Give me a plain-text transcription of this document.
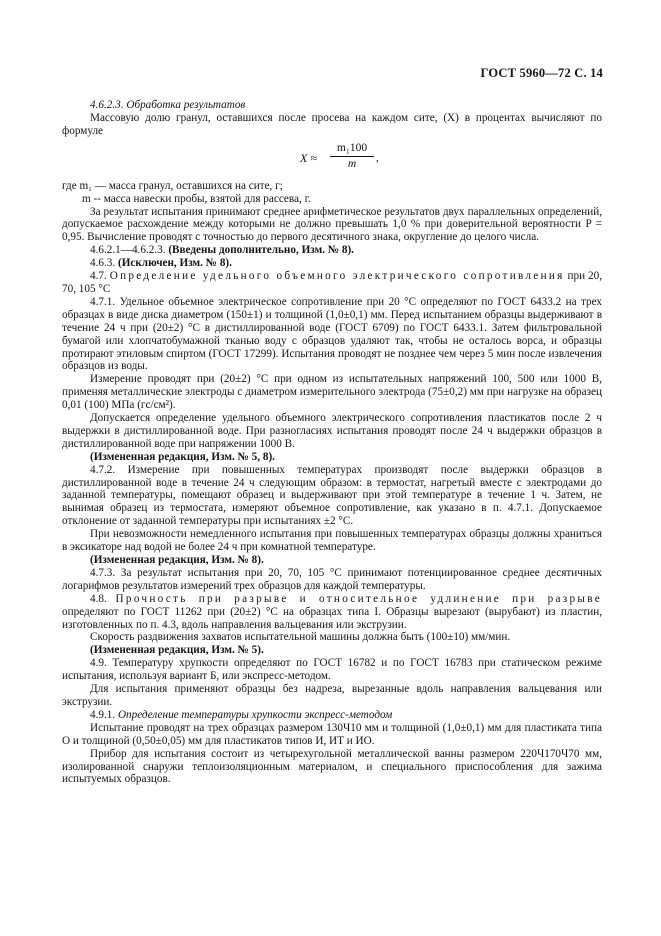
ГОСТ 5960—72 С. 14

4.6.2.3. Обработка результатов

Массовую долю гранул, оставшихся после просева на каждом сите, (X) в процентах вычисляют по формуле

$X \approx \frac{\text{m₁100}}{m}$ ,
где m₁ — масса гранул, оставшихся на сите, г;
m -- масса навески пробы, взятой для рассева, г.

За результат испытания принимают среднее арифметическое результатов двух параллельных определений, допускаемое расхождение между которыми не должно превышать 1,0 % при доверительной вероятности P = 0,95. Вычисление проводят с точностью до первого десятичного знака, округление до целого числа.

4.6.2.1—4.6.2.3. (Введены дополнительно, Изм. № 8).

4.6.3. (Исключен, Изм. № 8).

4.7. Определение удельного объемного электрического сопротивления при 20, 70, 105 °C

4.7.1. Удельное объемное электрическое сопротивление при 20 °C определяют по ГОСТ 6433.2 на трех образцах в виде диска диаметром (150±1) и толщиной (1,0±0,1) мм. Перед испытанием образцы выдерживают в течение 24 ч при (20±2) °C в дистиллированной воде (ГОСТ 6709) по ГОСТ 6433.1. Затем фильтровальной бумагой или хлопчатобумажной тканью воду с образцов удаляют так, чтобы не осталось ворса, и образцы протирают этиловым спиртом (ГОСТ 17299). Испытания проводят не позднее чем через 5 мин после извлечения образцов из воды.

Измерение проводят при (20±2) °C при одном из испытательных напряжений 100, 500 или 1000 В, применяя металлические электроды с диаметром измерительного электрода (75±0,2) мм при нагрузке на образец 0,01 (100) МПа (гс/см²).

Допускается определение удельного объемного электрического сопротивления пластикатов после 2 ч выдержки в дистиллированной воде. При разногласиях испытания проводят после 24 ч выдержки образцов в дистиллированной воде при напряжении 1000 В.

(Измененная редакция, Изм. № 5, 8).

4.7.2. Измерение при повышенных температурах производят после выдержки образцов в дистиллированной воде в течение 24 ч следующим образом: в термостат, нагретый вместе с электродами до заданной температуры, помещают образец и выдерживают при этой температуре в течение 1 ч. Затем, не вынимая образец из термостата, измеряют объемное сопротивление, как указано в п. 4.7.1. Допускаемое отклонение от заданной температуры при испытаниях ±2 °C.

При невозможности немедленного испытания при повышенных температурах образцы должны храниться в эксикаторе над водой не более 24 ч при комнатной температуре.

(Измененная редакция, Изм. № 8).

4.7.3. За результат испытания при 20, 70, 105 °C принимают потенциированное среднее десятичных логарифмов результатов измерений трех образцов для каждой температуры.

4.8. Прочность при разрыве и относительное удлинение при разрыве определяют по ГОСТ 11262 при (20±2) °C на образцах типа I. Образцы вырезают (вырубают) из пластин, изготовленных по п. 4.3, вдоль направления вальцевания или экструзии.

Скорость раздвижения захватов испытательной машины должна быть (100±10) мм/мин.

(Измененная редакция, Изм. № 5).

4.9. Температуру хрупкости определяют по ГОСТ 16782 и по ГОСТ 16783 при статическом режиме испытания, используя вариант Б, или экспресс-методом.

Для испытания применяют образцы без надреза, вырезанные вдоль направления вальцевания или экструзии.

4.9.1. Определение температуры хрупкости экспресс-методом

Испытание проводят на трех образцах размером 130Ч10 мм и толщиной (1,0±0,1) мм для пластиката типа О и толщиной (0,50±0,05) мм для пластикатов типов И, ИТ и ИО.

Прибор для испытания состоит из четырехугольной металлической ванны размером 220Ч170Ч70 мм, изолированной снаружи теплоизоляционным материалом, и специального приспособления для зажима испытуемых образцов.
